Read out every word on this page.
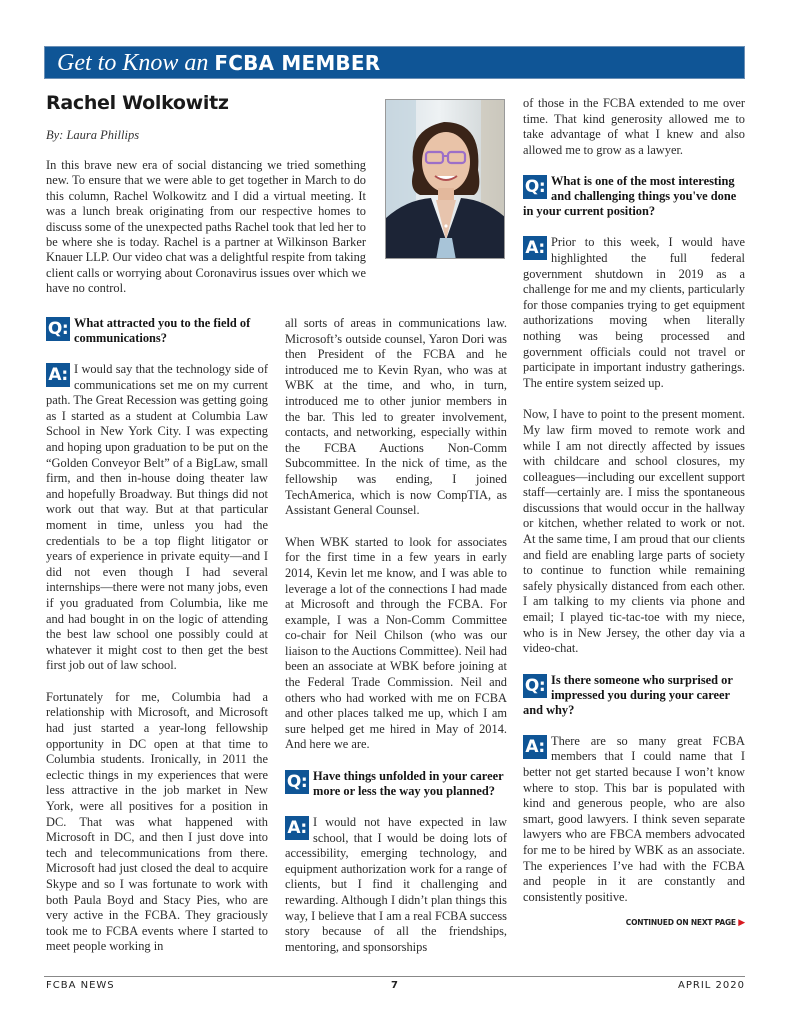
Get to Know an FCBA MEMBER
Rachel Wolkowitz
By: Laura Phillips
In this brave new era of social distancing we tried something new. To ensure that we were able to get together in March to do this column, Rachel Wolkowitz and I did a virtual meeting. It was a lunch break originating from our respective homes to discuss some of the unexpected paths Rachel took that led her to be where she is today. Rachel is a partner at Wilkinson Barker Knauer LLP. Our video chat was a delightful respite from taking client calls or worrying about Coronavirus issues over which we have no control.
Q: What attracted you to the field of communications?

A: I would say that the technology side of communications set me on my current path. The Great Recession was getting going as I started as a student at Columbia Law School in New York City. I was expecting and hoping upon graduation to be put on the “Golden Conveyor Belt” of a BigLaw, small firm, and then in-house doing theater law and hopefully Broadway. But things did not work out that way. But at that particular moment in time, unless you had the credentials to be a top flight litigator or years of experience in private equity—and I did not even though I had several internships—there were not many jobs, even if you graduated from Columbia, like me and had bought in on the logic of attending the best law school one possibly could at whatever it might cost to then get the best first job out of law school.

Fortunately for me, Columbia had a relationship with Microsoft, and Microsoft had just started a year-long fellowship opportunity in DC open at that time to Columbia students. Ironically, in 2011 the eclectic things in my experiences that were less attractive in the job market in New York, were all positives for a position in DC. That was what happened with Microsoft in DC, and then I just dove into tech and telecommunications from there. Microsoft had just closed the deal to acquire Skype and so I was fortunate to work with both Paula Boyd and Stacy Pies, who are very active in the FCBA. They graciously took me to FCBA events where I started to meet people working in

all sorts of areas in communications law. Microsoft’s outside counsel, Yaron Dori was then President of the FCBA and he introduced me to Kevin Ryan, who was at WBK at the time, and who, in turn, introduced me to other junior members in the bar. This led to greater involvement, contacts, and networking, especially within the FCBA Auctions Non-Comm Subcommittee. In the nick of time, as the fellowship was ending, I joined TechAmerica, which is now CompTIA, as Assistant General Counsel.

When WBK started to look for associates for the first time in a few years in early 2014, Kevin let me know, and I was able to leverage a lot of the connections I had made at Microsoft and through the FCBA. For example, I was a Non-Comm Committee co-chair for Neil Chilson (who was our liaison to the Auctions Committee). Neil had been an associate at WBK before joining at the Federal Trade Commission. Neil and others who had worked with me on FCBA and other places talked me up, which I am sure helped get me hired in May of 2014. And here we are.

Q: Have things unfolded in your career more or less the way you planned?

A: I would not have expected in law school, that I would be doing lots of accessibility, emerging technology, and equipment authorization work for a range of clients, but I find it challenging and rewarding. Although I didn’t plan things this way, I believe that I am a real FCBA success story because of all the friendships, mentoring, and sponsorships

of those in the FCBA extended to me over time. That kind generosity allowed me to take advantage of what I knew and also allowed me to grow as a lawyer.

Q: What is one of the most interesting and challenging things you've done in your current position?

A: Prior to this week, I would have highlighted the full federal government shutdown in 2019 as a challenge for me and my clients, particularly for those companies trying to get equipment authorizations moving when literally nothing was being processed and government officials could not travel or participate in important industry gatherings. The entire system seized up.

Now, I have to point to the present moment. My law firm moved to remote work and while I am not directly affected by issues with childcare and school closures, my colleagues—including our excellent support staff—certainly are. I miss the spontaneous discussions that would occur in the hallway or kitchen, whether related to work or not. At the same time, I am proud that our clients and field are enabling large parts of society to continue to function while remaining safely physically distanced from each other. I am talking to my clients via phone and email; I played tic-tac-toe with my niece, who is in New Jersey, the other day via a video-chat.

Q: Is there someone who surprised or impressed you during your career and why?

A: There are so many great FCBA members that I could name that I better not get started because I won’t know where to stop. This bar is populated with kind and generous people, who are also smart, good lawyers. I think seven separate lawyers who are FBCA members advocated for me to be hired by WBK as an associate. The experiences I’ve had with the FCBA and people in it are constantly and consistently positive.

CONTINUED ON NEXT PAGE ▶
FCBA NEWS	7	APRIL 2020
